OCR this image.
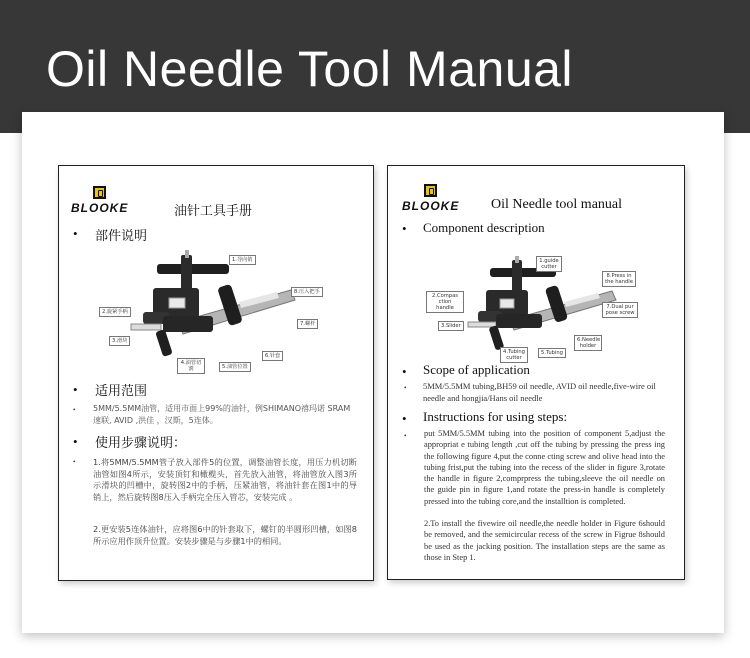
Oil Needle Tool Manual
BLOOKE	油针工具手册
• 部件说明
1.导向销
8.压入把手
2.旋紧手柄
7.螺杆
3.滑块
6.针套
4.油管切割	5.油管位置
• 适用范围
• 5MM/5.5MM油管，适用市面上99%的油针，例SHIMANO禧玛诺 SRAM速联, AVID ,洪佳 ，汉斯，5连体。
• 使用步骤说明：
• 1.将5MM/5.5MM管子放入部件5的位置，调整油管长度，用压力机切断油管如图4所示，安装顶钉和橄榄头，首先放入油管，将油管放入图3所示滑块的凹槽中，旋转图2中的手柄，压紧油管，将油针套在图1中的导销上，然后旋转图8压入手柄完全压入管芯，安装完成 。
2.更安装5连体油针，应将图6中的针套取下，螺钉的半圆形凹槽，如图8所示应用作顶升位置。安装步骤是与步骤1中的相同。
BLOOKE Oil Needle tool manual
• Component description
1.guide cutter
8.Press in the handle
2.Compas ction handle	7.Dual pur pose screw
3.Slider
6.Needle holder
4.Tubing cutter
5.Tubing
• Scope of application
• 5MM/5.5MM tubing,BH59 oil needle, AVID oil needle,five-wire oil needle and hongjia/Hans oil needle
• Instructions for using steps:
• put 5MM/5.5MM tubing into the position of component 5,adjust the appropriat e tubing length ,cut off the tubing by pressing the press ing the following figure 4,put the conne cting screw and olive head into the tubing frist,put the tubing into the recess of the slider in figure 3,rotate the handle in figure 2,comprpress the tubing,sleeve the oil needle on the guide pin in figure 1,and rotate the press-in handle is completely pressed into the tubing core,and the installtion is completed.
2.To install the fivewire oil needle,the needle holder in Figure 6should be removed, and the semicircular recess of the screw in Figrue 8should be used as the jacking position. The installation steps are the same as those in Step 1.
